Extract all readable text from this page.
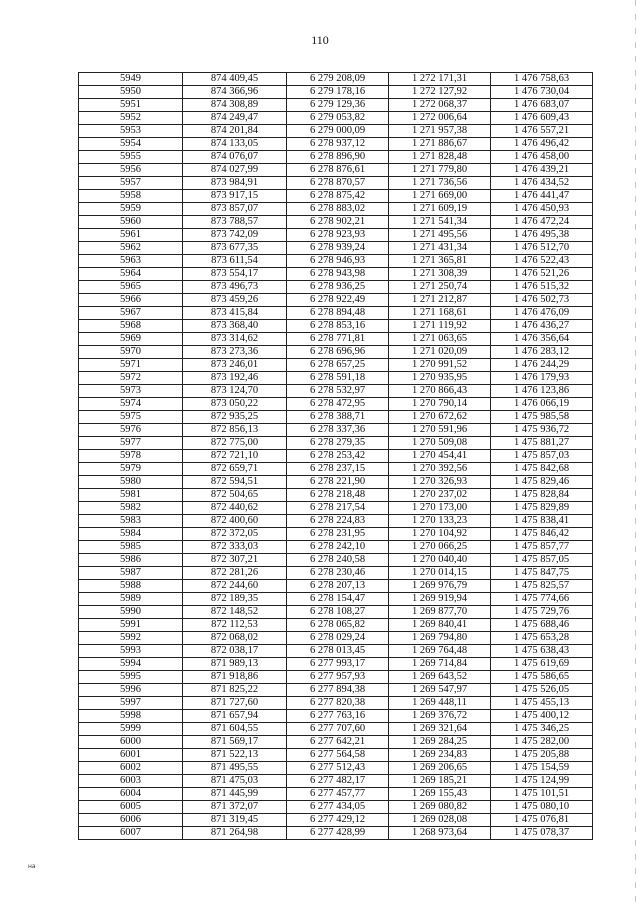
110
5949	874 409,45	6 279 208,09	1 272 171,31	1 476 758,63
5950	874 366,96	6 279 178,16	1 272 127,92	1 476 730,04
5951	874 308,89	6 279 129,36	1 272 068,37	1 476 683,07
5952	874 249,47	6 279 053,82	1 272 006,64	1 476 609,43
5953	874 201,84	6 279 000,09	1 271 957,38	1 476 557,21
5954	874 133,05	6 278 937,12	1 271 886,67	1 476 496,42
5955	874 076,07	6 278 896,90	1 271 828,48	1 476 458,00
5956	874 027,99	6 278 876,61	1 271 779,80	1 476 439,21
5957	873 984,91	6 278 870,57	1 271 736,56	1 476 434,52
5958	873 917,15	6 278 875,42	1 271 669,00	1 476 441,47
5959	873 857,07	6 278 883,02	1 271 609,19	1 476 450,93
5960	873 788,57	6 278 902,21	1 271 541,34	1 476 472,24
5961	873 742,09	6 278 923,93	1 271 495,56	1 476 495,38
5962	873 677,35	6 278 939,24	1 271 431,34	1 476 512,70
5963	873 611,54	6 278 946,93	1 271 365,81	1 476 522,43
5964	873 554,17	6 278 943,98	1 271 308,39	1 476 521,26
5965	873 496,73	6 278 936,25	1 271 250,74	1 476 515,32
5966	873 459,26	6 278 922,49	1 271 212,87	1 476 502,73
5967	873 415,84	6 278 894,48	1 271 168,61	1 476 476,09
5968	873 368,40	6 278 853,16	1 271 119,92	1 476 436,27
5969	873 314,62	6 278 771,81	1 271 063,65	1 476 356,64
5970	873 273,36	6 278 696,96	1 271 020,09	1 476 283,12
5971	873 246,01	6 278 657,25	1 270 991,52	1 476 244,29
5972	873 192,46	6 278 591,18	1 270 935,95	1 476 179,93
5973	873 124,70	6 278 532,97	1 270 866,43	1 476 123,86
5974	873 050,22	6 278 472,95	1 270 790,14	1 476 066,19
5975	872 935,25	6 278 388,71	1 270 672,62	1 475 985,58
5976	872 856,13	6 278 337,36	1 270 591,96	1 475 936,72
5977	872 775,00	6 278 279,35	1 270 509,08	1 475 881,27
5978	872 721,10	6 278 253,42	1 270 454,41	1 475 857,03
5979	872 659,71	6 278 237,15	1 270 392,56	1 475 842,68
5980	872 594,51	6 278 221,90	1 270 326,93	1 475 829,46
5981	872 504,65	6 278 218,48	1 270 237,02	1 475 828,84
5982	872 440,62	6 278 217,54	1 270 173,00	1 475 829,89
5983	872 400,60	6 278 224,83	1 270 133,23	1 475 838,41
5984	872 372,05	6 278 231,95	1 270 104,92	1 475 846,42
5985	872 333,03	6 278 242,10	1 270 066,25	1 475 857,77
5986	872 307,21	6 278 240,58	1 270 040,40	1 475 857,05
5987	872 281,26	6 278 230,46	1 270 014,15	1 475 847,75
5988	872 244,60	6 278 207,13	1 269 976,79	1 475 825,57
5989	872 189,35	6 278 154,47	1 269 919,94	1 475 774,66
5990	872 148,52	6 278 108,27	1 269 877,70	1 475 729,76
5991	872 112,53	6 278 065,82	1 269 840,41	1 475 688,46
5992	872 068,02	6 278 029,24	1 269 794,80	1 475 653,28
5993	872 038,17	6 278 013,45	1 269 764,48	1 475 638,43
5994	871 989,13	6 277 993,17	1 269 714,84	1 475 619,69
5995	871 918,86	6 277 957,93	1 269 643,52	1 475 586,65
5996	871 825,22	6 277 894,38	1 269 547,97	1 475 526,05
5997	871 727,60	6 277 820,38	1 269 448,11	1 475 455,13
5998	871 657,94	6 277 763,16	1 269 376,72	1 475 400,12
5999	871 604,55	6 277 707,60	1 269 321,64	1 475 346,25
6000	871 569,17	6 277 642,21	1 269 284,25	1 475 282,00
6001	871 522,13	6 277 564,58	1 269 234,83	1 475 205,88
6002	871 495,55	6 277 512,43	1 269 206,65	1 475 154,59
6003	871 475,03	6 277 482,17	1 269 185,21	1 475 124,99
6004	871 445,99	6 277 457,77	1 269 155,43	1 475 101,51
6005	871 372,07	6 277 434,05	1 269 080,82	1 475 080,10
6006	871 319,45	6 277 429,12	1 269 028,08	1 475 076,81
6007	871 264,98	6 277 428,99	1 268 973,64	1 475 078,37
на
